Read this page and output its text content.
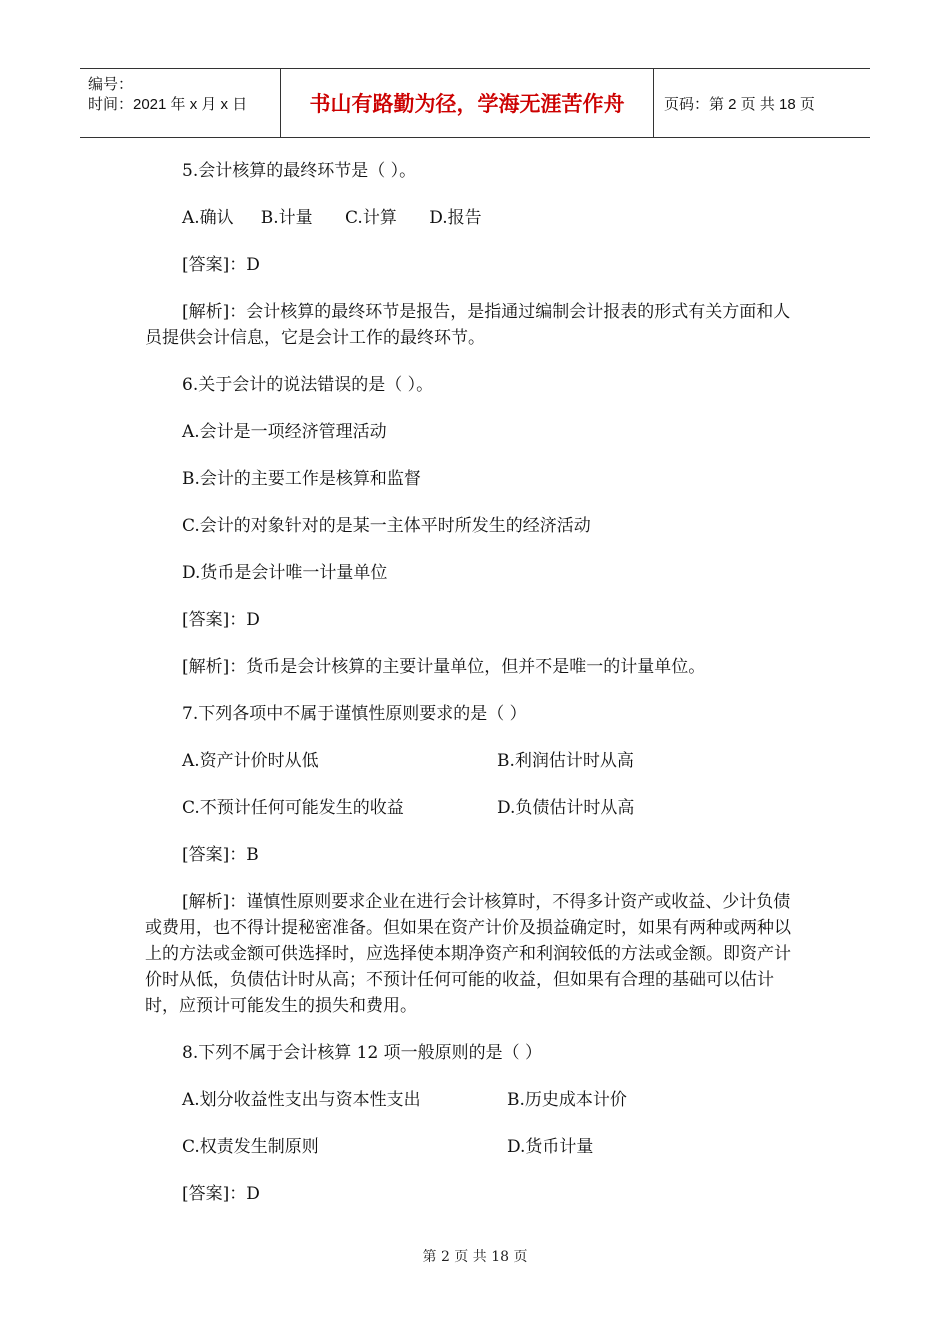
编号：
时间：2021 年 x 月 x 日	书山有路勤为径，学海无涯苦作舟	页码：第 2 页 共 18 页

5.会计核算的最终环节是（ ）。

A.确认     B.计量      C.计算      D.报告

[答案]：D

[解析]：会计核算的最终环节是报告，是指通过编制会计报表的形式有关方面和人员提供会计信息，它是会计工作的最终环节。

6.关于会计的说法错误的是（ ）。

A.会计是一项经济管理活动

B.会计的主要工作是核算和监督

C.会计的对象针对的是某一主体平时所发生的经济活动

D.货币是会计唯一计量单位

[答案]：D

[解析]：货币是会计核算的主要计量单位，但并不是唯一的计量单位。

7.下列各项中不属于谨慎性原则要求的是（ ）

A.资产计价时从低	B.利润估计时从高
C.不预计任何可能发生的收益	D.负债估计时从高

[答案]：B

[解析]：谨慎性原则要求企业在进行会计核算时，不得多计资产或收益、少计负债或费用，也不得计提秘密准备。但如果在资产计价及损益确定时，如果有两种或两种以上的方法或金额可供选择时，应选择使本期净资产和利润较低的方法或金额。即资产计价时从低，负债估计时从高；不预计任何可能的收益，但如果有合理的基础可以估计时，应预计可能发生的损失和费用。

8.下列不属于会计核算 12 项一般原则的是（ ）

A.划分收益性支出与资本性支出	B.历史成本计价
C.权责发生制原则	D.货币计量

[答案]：D

第 2 页 共 18 页
